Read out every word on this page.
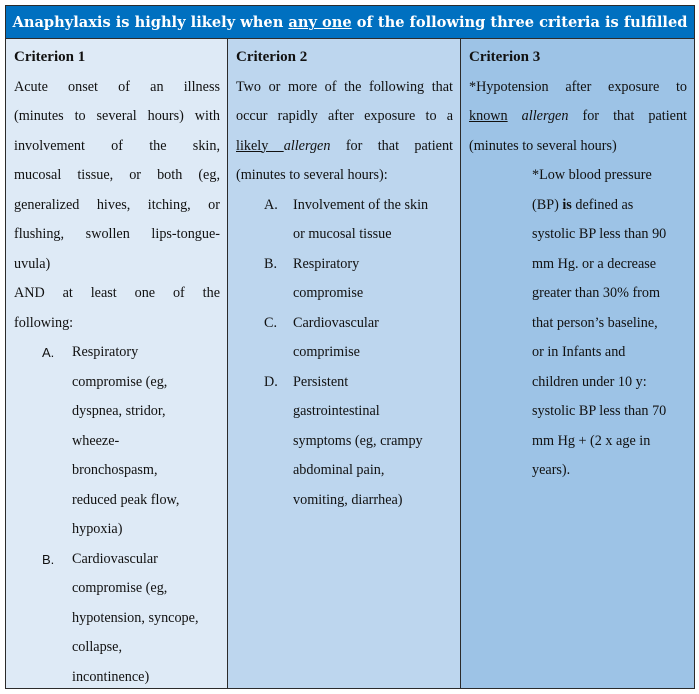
Anaphylaxis is highly likely when any one of the following three criteria is fulfilled
Criterion 1
Acute onset of an illness
(minutes to several hours) with
involvement of the skin,
mucosal tissue, or both (eg,
generalized hives, itching, or
flushing, swollen lips-tongue-
uvula)
AND at least one of the
following:
A.	Respiratory
compromise (eg,
dyspnea, stridor,
wheeze-
bronchospasm,
reduced peak flow,
hypoxia)
B.	Cardiovascular
compromise (eg,
hypotension, syncope,
collapse,
incontinence)
Criterion 2
Two or more of the following that
occur rapidly after exposure to a
likely allergen for that patient
(minutes to several hours):
A.	Involvement of the skin
or mucosal tissue
B.	Respiratory
compromise
C.	Cardiovascular
comprimise
D.	Persistent
gastrointestinal
symptoms (eg, crampy
abdominal pain,
vomiting, diarrhea)
Criterion 3
*Hypotension after exposure to
known allergen for that patient
(minutes to several hours)
*Low blood pressure
(BP) is defined as
systolic BP less than 90
mm Hg. or a decrease
greater than 30% from
that person’s baseline,
or in Infants and
children under 10 y:
systolic BP less than 70
mm Hg + (2 x age in
years).
